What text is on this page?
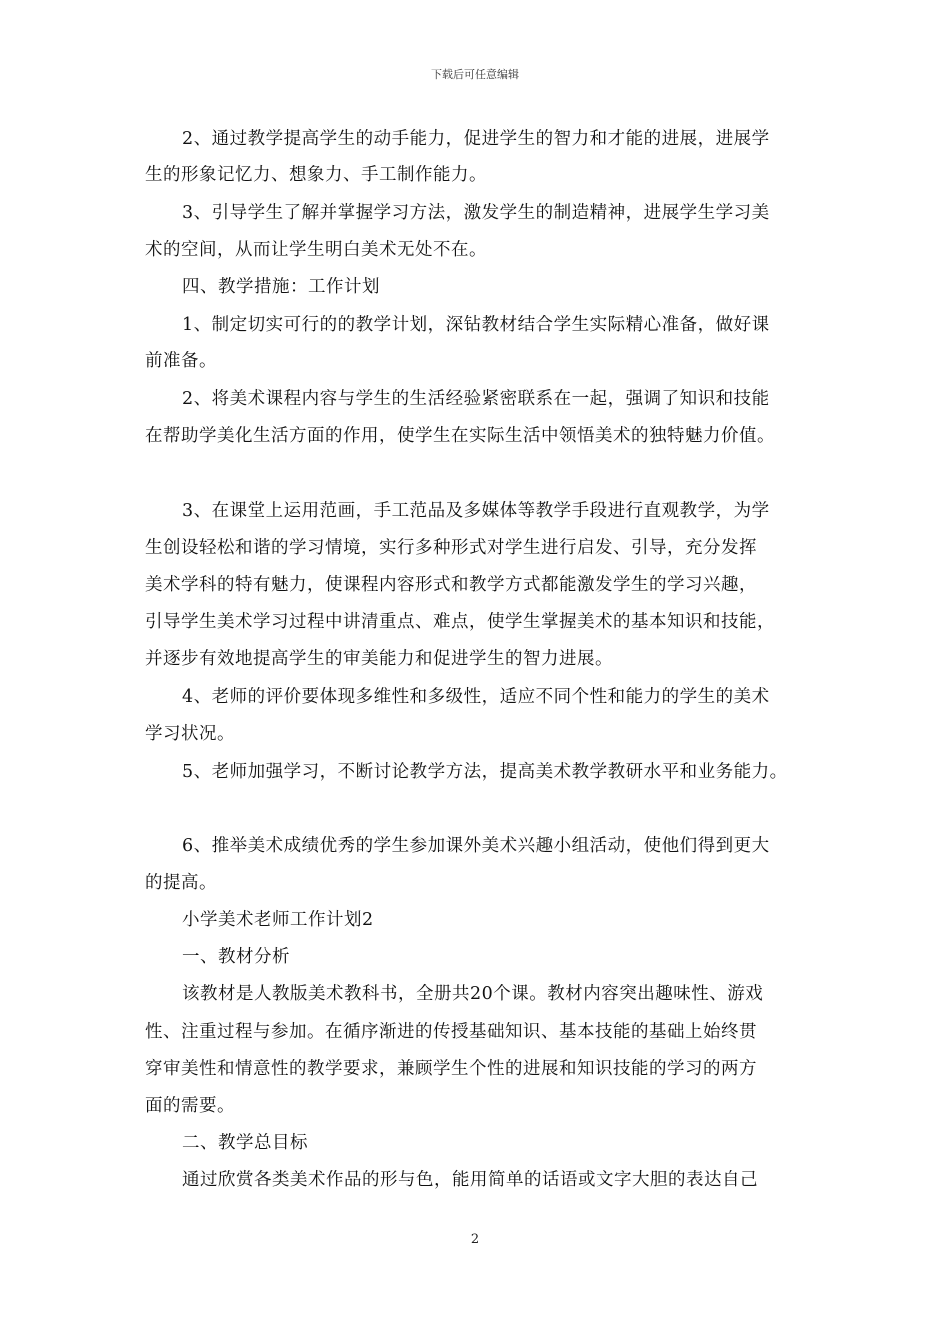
下载后可任意编辑
2、通过教学提高学生的动手能力，促进学生的智力和才能的进展，进展学
生的形象记忆力、想象力、手工制作能力。
3、引导学生了解并掌握学习方法，激发学生的制造精神，进展学生学习美
术的空间，从而让学生明白美术无处不在。
四、教学措施：工作计划
1、制定切实可行的的教学计划，深钻教材结合学生实际精心准备，做好课
前准备。
2、将美术课程内容与学生的生活经验紧密联系在一起，强调了知识和技能
在帮助学美化生活方面的作用，使学生在实际生活中领悟美术的独特魅力价值。
3、在课堂上运用范画，手工范品及多媒体等教学手段进行直观教学，为学
生创设轻松和谐的学习情境，实行多种形式对学生进行启发、引导，充分发挥
美术学科的特有魅力，使课程内容形式和教学方式都能激发学生的学习兴趣，
引导学生美术学习过程中讲清重点、难点，使学生掌握美术的基本知识和技能，
并逐步有效地提高学生的审美能力和促进学生的智力进展。
4、老师的评价要体现多维性和多级性，适应不同个性和能力的学生的美术
学习状况。
5、老师加强学习，不断讨论教学方法，提高美术教学教研水平和业务能力。
6、推举美术成绩优秀的学生参加课外美术兴趣小组活动，使他们得到更大
的提高。
小学美术老师工作计划2
一、教材分析
该教材是人教版美术教科书，全册共20个课。教材内容突出趣味性、游戏
性、注重过程与参加。在循序渐进的传授基础知识、基本技能的基础上始终贯
穿审美性和情意性的教学要求，兼顾学生个性的进展和知识技能的学习的两方
面的需要。
二、教学总目标
通过欣赏各类美术作品的形与色，能用简单的话语或文字大胆的表达自己
2
